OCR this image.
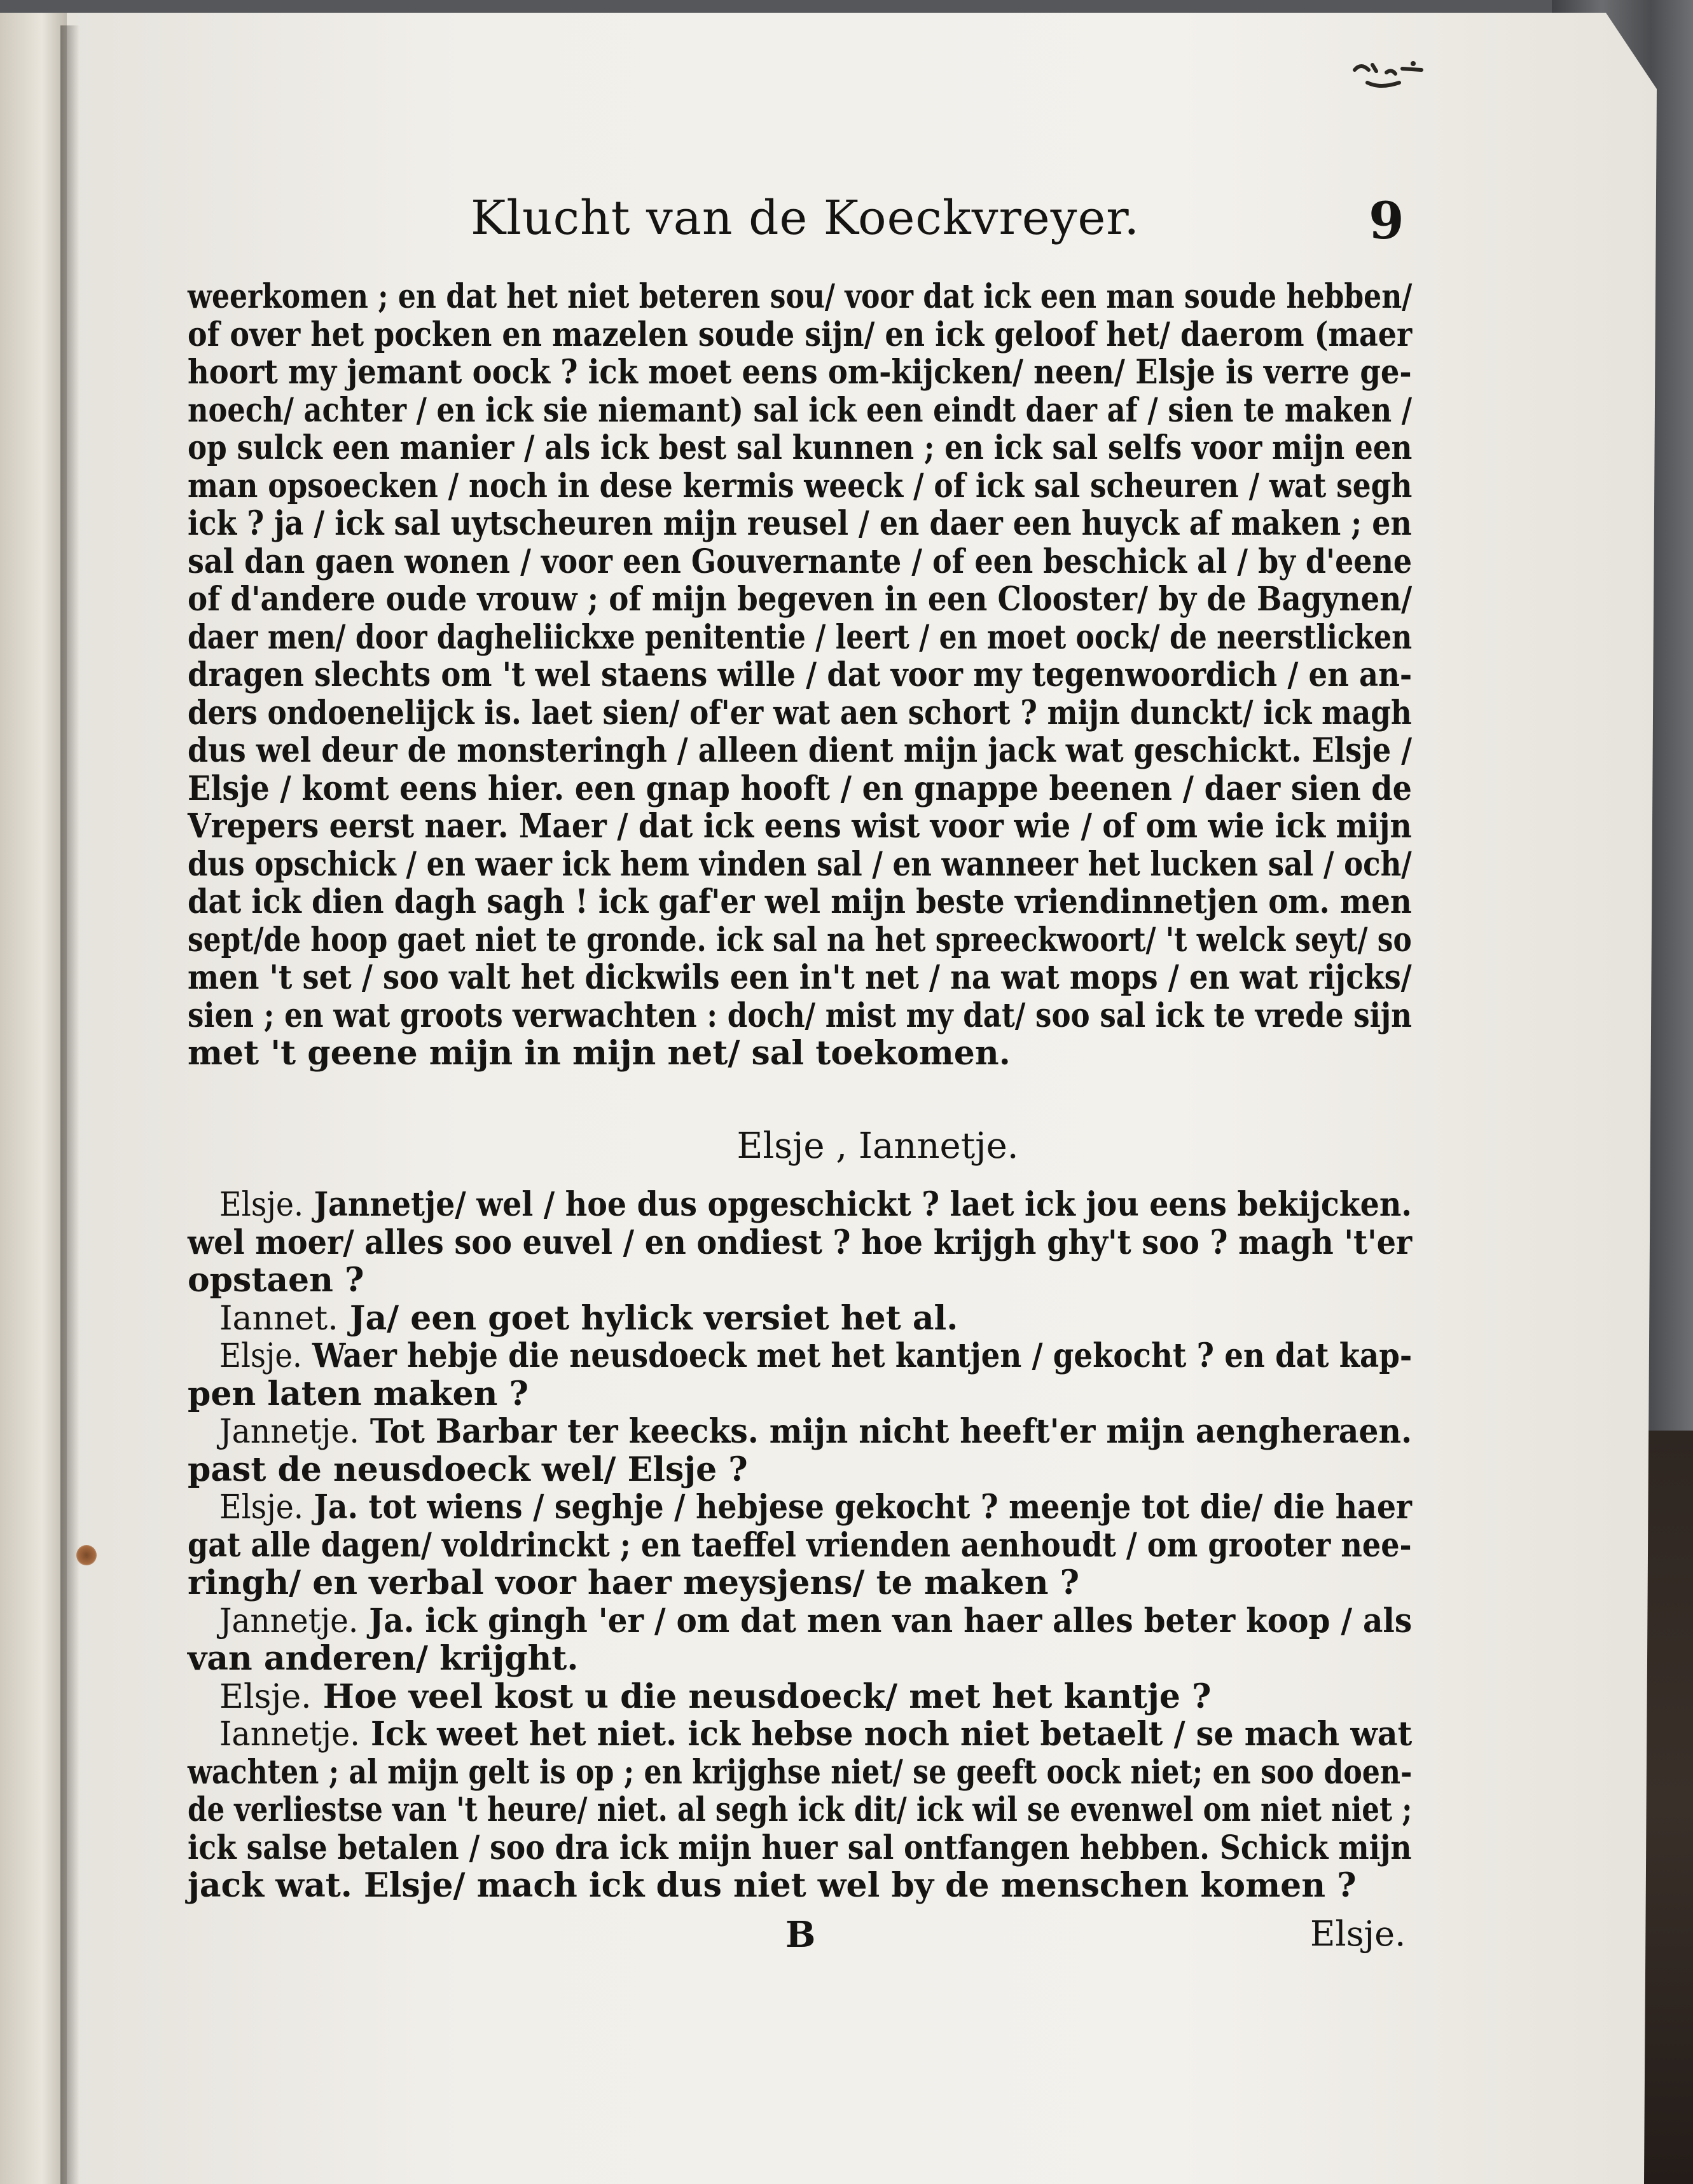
Klucht van de Koeckvreyer.	9
weerkomen ; en dat het niet beteren sou/ voor dat ick een man soude hebben/
of over het pocken en mazelen soude sijn/ en ick geloof het/ daerom (maer
hoort my jemant oock ? ick moet eens om-kijcken/ neen/ Elsje is verre ge-
noech/ achter / en ick sie niemant) sal ick een eindt daer af / sien te maken /
op sulck een manier / als ick best sal kunnen ; en ick sal selfs voor mijn een
man opsoecken / noch in dese kermis weeck / of ick sal scheuren / wat segh
ick ? ja / ick sal uytscheuren mijn reusel / en daer een huyck af maken ; en
sal dan gaen wonen / voor een Gouvernante / of een beschick al / by d'eene
of d'andere oude vrouw ; of mijn begeven in een Clooster/ by de Bagynen/
daer men/ door dagheliickxe penitentie / leert / en moet oock/ de neerstlicken
dragen slechts om 't wel staens wille / dat voor my tegenwoordich / en an-
ders ondoenelijck is. laet sien/ of'er wat aen schort ? mijn dunckt/ ick magh
dus wel deur de monsteringh / alleen dient mijn jack wat geschickt. Elsje /
Elsje / komt eens hier. een gnap hooft / en gnappe beenen / daer sien de
Vrepers eerst naer. Maer / dat ick eens wist voor wie / of om wie ick mijn
dus opschick / en waer ick hem vinden sal / en wanneer het lucken sal / och/
dat ick dien dagh sagh ! ick gaf'er wel mijn beste vriendinnetjen om. men
sept/de hoop gaet niet te gronde. ick sal na het spreeckwoort/ 't welck seyt/ so
men 't set / soo valt het dickwils een in't net / na wat mops / en wat rijcks/
sien ; en wat groots verwachten : doch/ mist my dat/ soo sal ick te vrede sijn
met 't geene mijn in mijn net/ sal toekomen.
Elsje , Iannetje.
Elsje. Jannetje/ wel / hoe dus opgeschickt ? laet ick jou eens bekijcken.
wel moer/ alles soo euvel / en ondiest ? hoe krijgh ghy't soo ? magh 't'er
opstaen ?
Iannet. Ja/ een goet hylick versiet het al.
Elsje. Waer hebje die neusdoeck met het kantjen / gekocht ? en dat kap-
pen laten maken ?
Jannetje. Tot Barbar ter keecks. mijn nicht heeft'er mijn aengheraen.
past de neusdoeck wel/ Elsje ?
Elsje. Ja. tot wiens / seghje / hebjese gekocht ? meenje tot die/ die haer
gat alle dagen/ voldrinckt ; en taeffel vrienden aenhoudt / om grooter nee-
ringh/ en verbal voor haer meysjens/ te maken ?
Jannetje. Ja. ick gingh 'er / om dat men van haer alles beter koop / als
van anderen/ krijght.
Elsje. Hoe veel kost u die neusdoeck/ met het kantje ?
Iannetje. Ick weet het niet. ick hebse noch niet betaelt / se mach wat
wachten ; al mijn gelt is op ; en krijghse niet/ se geeft oock niet; en soo doen-
de verliestse van 't heure/ niet. al segh ick dit/ ick wil se evenwel om niet niet ;
ick salse betalen / soo dra ick mijn huer sal ontfangen hebben. Schick mijn
jack wat. Elsje/ mach ick dus niet wel by de menschen komen ?
B	Elsje.
